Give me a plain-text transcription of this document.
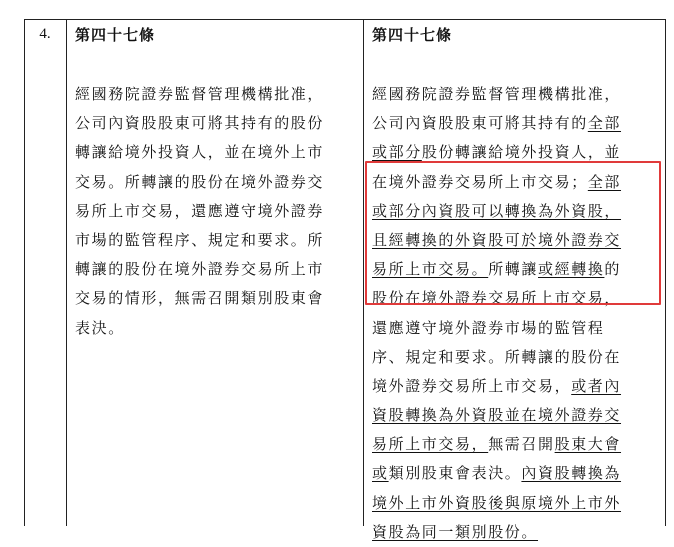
4.	第四十七條
經國務院證券監督管理機構批准，
公司內資股股東可將其持有的股份
轉讓給境外投資人，並在境外上市
交易。所轉讓的股份在境外證券交
易所上市交易，還應遵守境外證券
市場的監管程序、規定和要求。所
轉讓的股份在境外證券交易所上市
交易的情形，無需召開類別股東會
表決。
第四十七條
經國務院證券監督管理機構批准，
公司內資股股東可將其持有的全部
或部分股份轉讓給境外投資人，並
在境外證券交易所上市交易；全部
或部分內資股可以轉換為外資股，
且經轉換的外資股可於境外證券交
易所上市交易。所轉讓或經轉換的
股份在境外證券交易所上市交易，
還應遵守境外證券市場的監管程
序、規定和要求。所轉讓的股份在
境外證券交易所上市交易，或者內
資股轉換為外資股並在境外證券交
易所上市交易，無需召開股東大會
或類別股東會表決。內資股轉換為
境外上市外資股後與原境外上市外
資股為同一類別股份。
